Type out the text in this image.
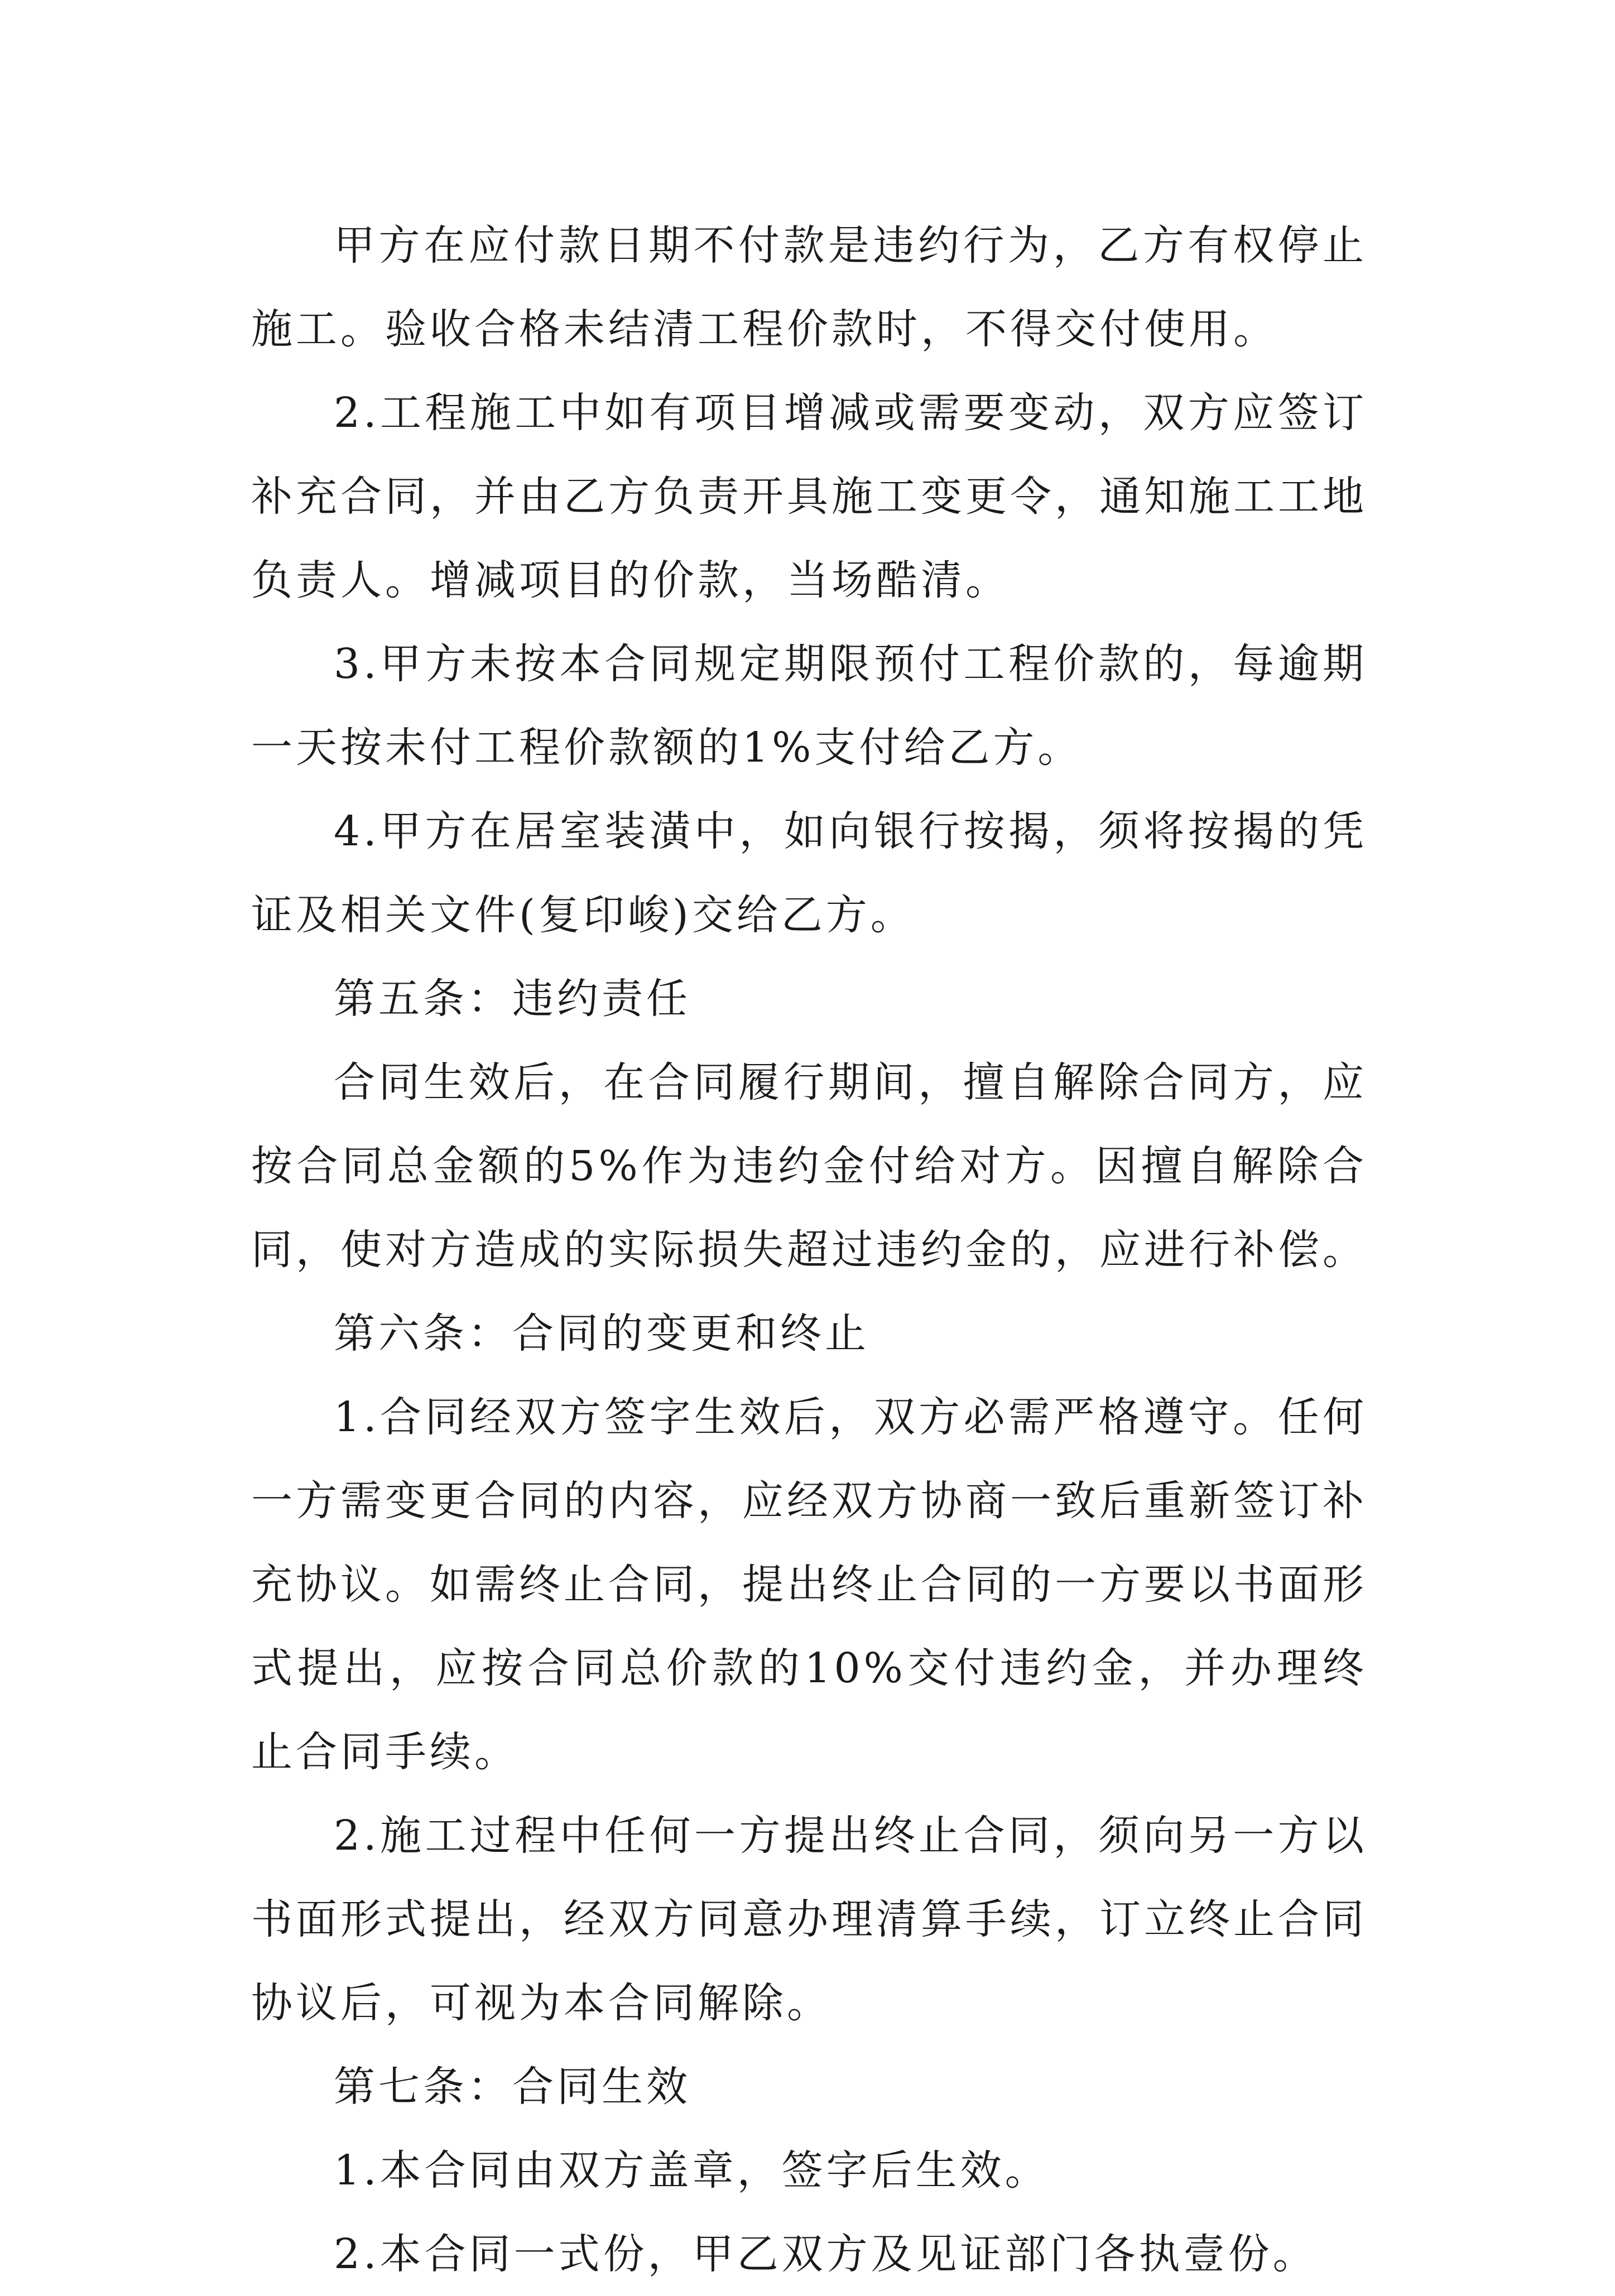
甲方在应付款日期不付款是违约行为，乙方有权停止施工。验收合格未结清工程价款时，不得交付使用。

2.工程施工中如有项目增减或需要变动，双方应签订补充合同，并由乙方负责开具施工变更令，通知施工工地负责人。增减项目的价款，当场酷清。

3.甲方未按本合同规定期限预付工程价款的，每逾期一天按未付工程价款额的1%支付给乙方。

4.甲方在居室装潢中，如向银行按揭，须将按揭的凭证及相关文件(复印峻)交给乙方。

第五条：违约责任

合同生效后，在合同履行期间，擅自解除合同方，应按合同总金额的5%作为违约金付给对方。因擅自解除合同，使对方造成的实际损失超过违约金的，应进行补偿。

第六条：合同的变更和终止

1.合同经双方签字生效后，双方必需严格遵守。任何一方需变更合同的内容，应经双方协商一致后重新签订补充协议。如需终止合同，提出终止合同的一方要以书面形式提出，应按合同总价款的10%交付违约金，并办理终止合同手续。

2.施工过程中任何一方提出终止合同，须向另一方以书面形式提出，经双方同意办理清算手续，订立终止合同协议后，可视为本合同解除。

第七条：合同生效

1.本合同由双方盖章，签字后生效。

2.本合同一式份，甲乙双方及见证部门各执壹份。
